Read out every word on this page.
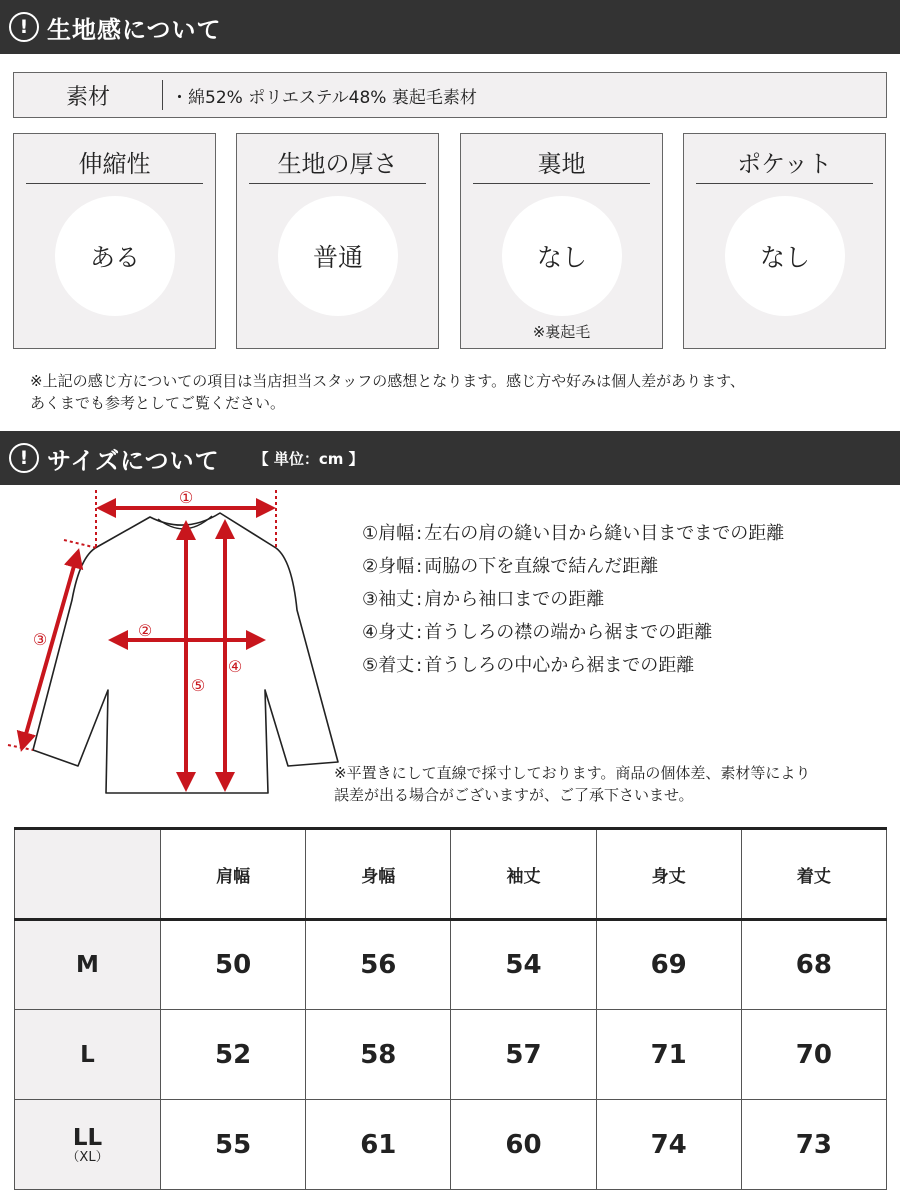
! 生地感について
素材	・綿52% ポリエステル48% 裏起毛素材
伸縮性
ある
生地の厚さ
普通
裏地
なし
※裏起毛
ポケット
なし
※上記の感じ方についての項目は当店担当スタッフの感想となります。感じ方や好みは個人差があります、
あくまでも参考としてご覧ください。
! サイズについて 【 単位：cm 】
①
②
③
④
⑤
①肩幅 : 左右の肩の縫い目から縫い目までまでの距離
②身幅 : 両脇の下を直線で結んだ距離
③袖丈 : 肩から袖口までの距離
④身丈 : 首うしろの襟の端から裾までの距離
⑤着丈 : 首うしろの中心から裾までの距離
※平置きにして直線で採寸しております。商品の個体差、素材等により
誤差が出る場合がございますが、ご了承下さいませ。
	肩幅	身幅	袖丈	身丈	着丈
M	50	56	54	69	68
L	52	58	57	71	70
LL
（XL）	55	61	60	74	73
